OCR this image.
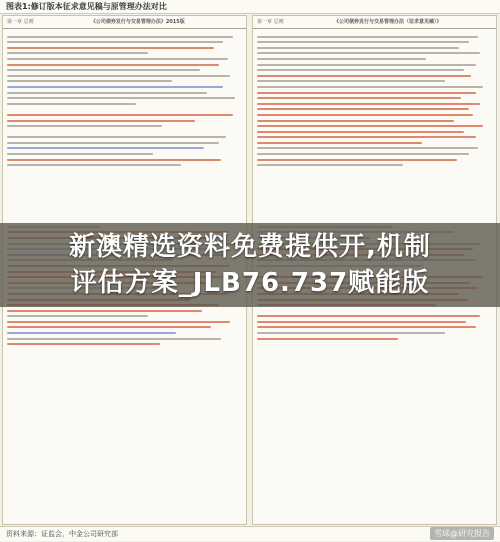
图表1:修订版本征求意见稿与原管理办法对比
第一章 总则	《公司债券发行与交易管理办法》2015版	第一章 总则	《公司债券发行与交易管理办法（征求意见稿）》
新澳精选资料免费提供开,机制
评估方案_JLB76.737赋能版
资料来源：证监会，中金公司研究部	雪球@研究报告
